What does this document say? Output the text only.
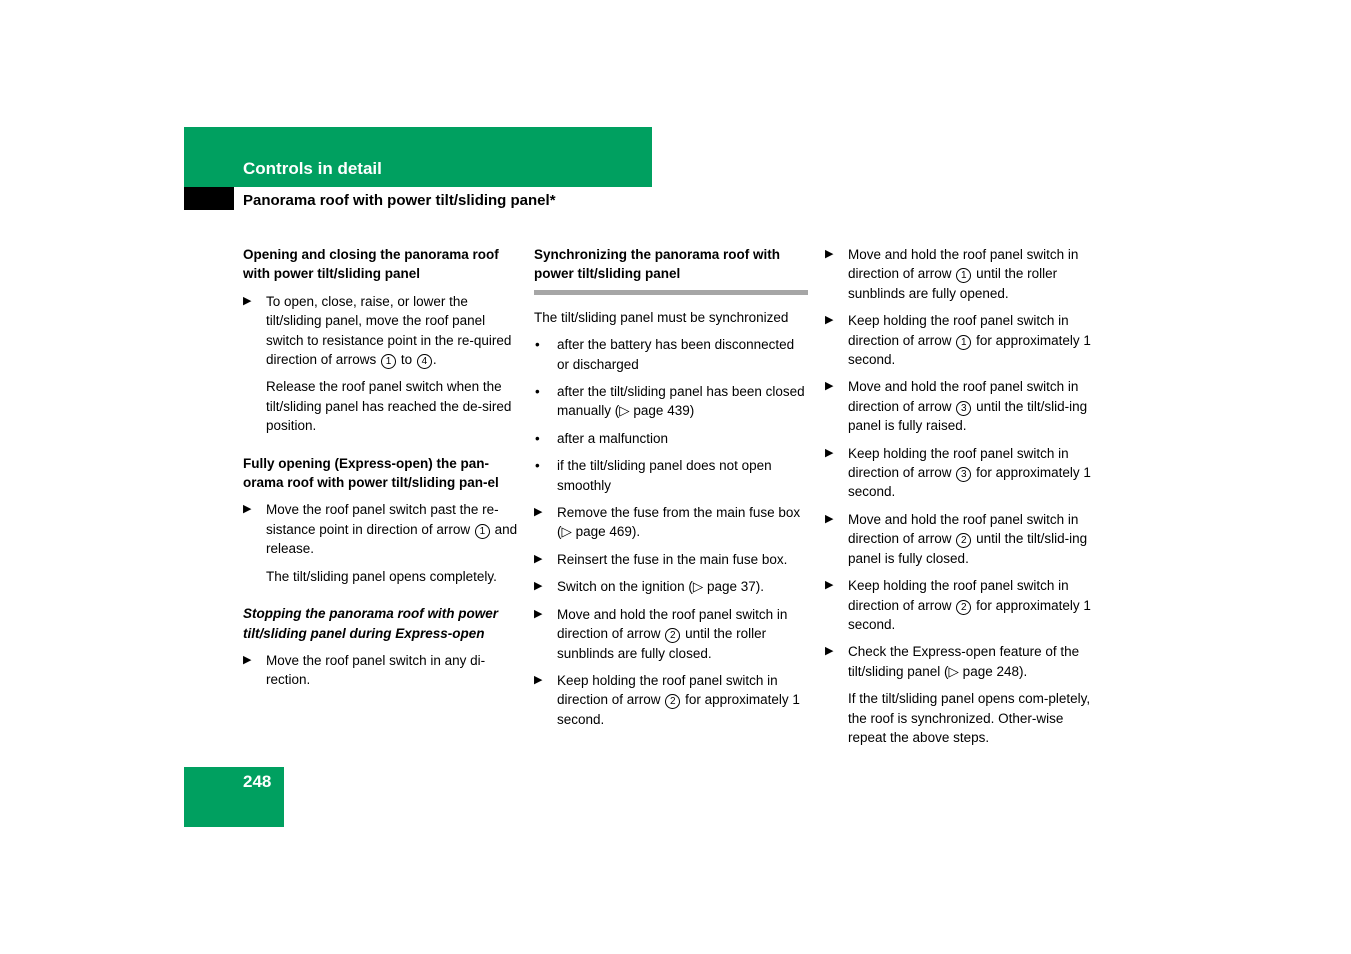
Controls in detail
Panorama roof with power tilt/sliding panel*
Opening and closing the panorama roof with power tilt/sliding panel
▶ To open, close, raise, or lower the tilt/sliding panel, move the roof panel switch to resistance point in the re-quired direction of arrows 1 to 4 .
Release the roof panel switch when the tilt/sliding panel has reached the de-sired position.
Fully opening (Express-open) the pan-orama roof with power tilt/sliding pan-el
▶ Move the roof panel switch past the re-sistance point in direction of arrow 1 and release.
The tilt/sliding panel opens completely.
Stopping the panorama roof with power tilt/sliding panel during Express-open
▶ Move the roof panel switch in any di-rection.
Synchronizing the panorama roof with power tilt/sliding panel
The tilt/sliding panel must be synchronized
• after the battery has been disconnected or discharged
• after the tilt/sliding panel has been closed manually (▷ page 439)
• after a malfunction
• if the tilt/sliding panel does not open smoothly
▶ Remove the fuse from the main fuse box (▷ page 469).
▶ Reinsert the fuse in the main fuse box.
▶ Switch on the ignition (▷ page 37).
▶ Move and hold the roof panel switch in direction of arrow 2 until the roller sunblinds are fully closed.
▶ Keep holding the roof panel switch in direction of arrow 2 for approximately 1 second.
▶ Move and hold the roof panel switch in direction of arrow 1 until the roller sunblinds are fully opened.
▶ Keep holding the roof panel switch in direction of arrow 1 for approximately 1 second.
▶ Move and hold the roof panel switch in direction of arrow 3 until the tilt/slid-ing panel is fully raised.
▶ Keep holding the roof panel switch in direction of arrow 3 for approximately 1 second.
▶ Move and hold the roof panel switch in direction of arrow 2 until the tilt/slid-ing panel is fully closed.
▶ Keep holding the roof panel switch in direction of arrow 2 for approximately 1 second.
▶ Check the Express-open feature of the tilt/sliding panel (▷ page 248).
If the tilt/sliding panel opens com-pletely, the roof is synchronized. Other-wise repeat the above steps.
248
